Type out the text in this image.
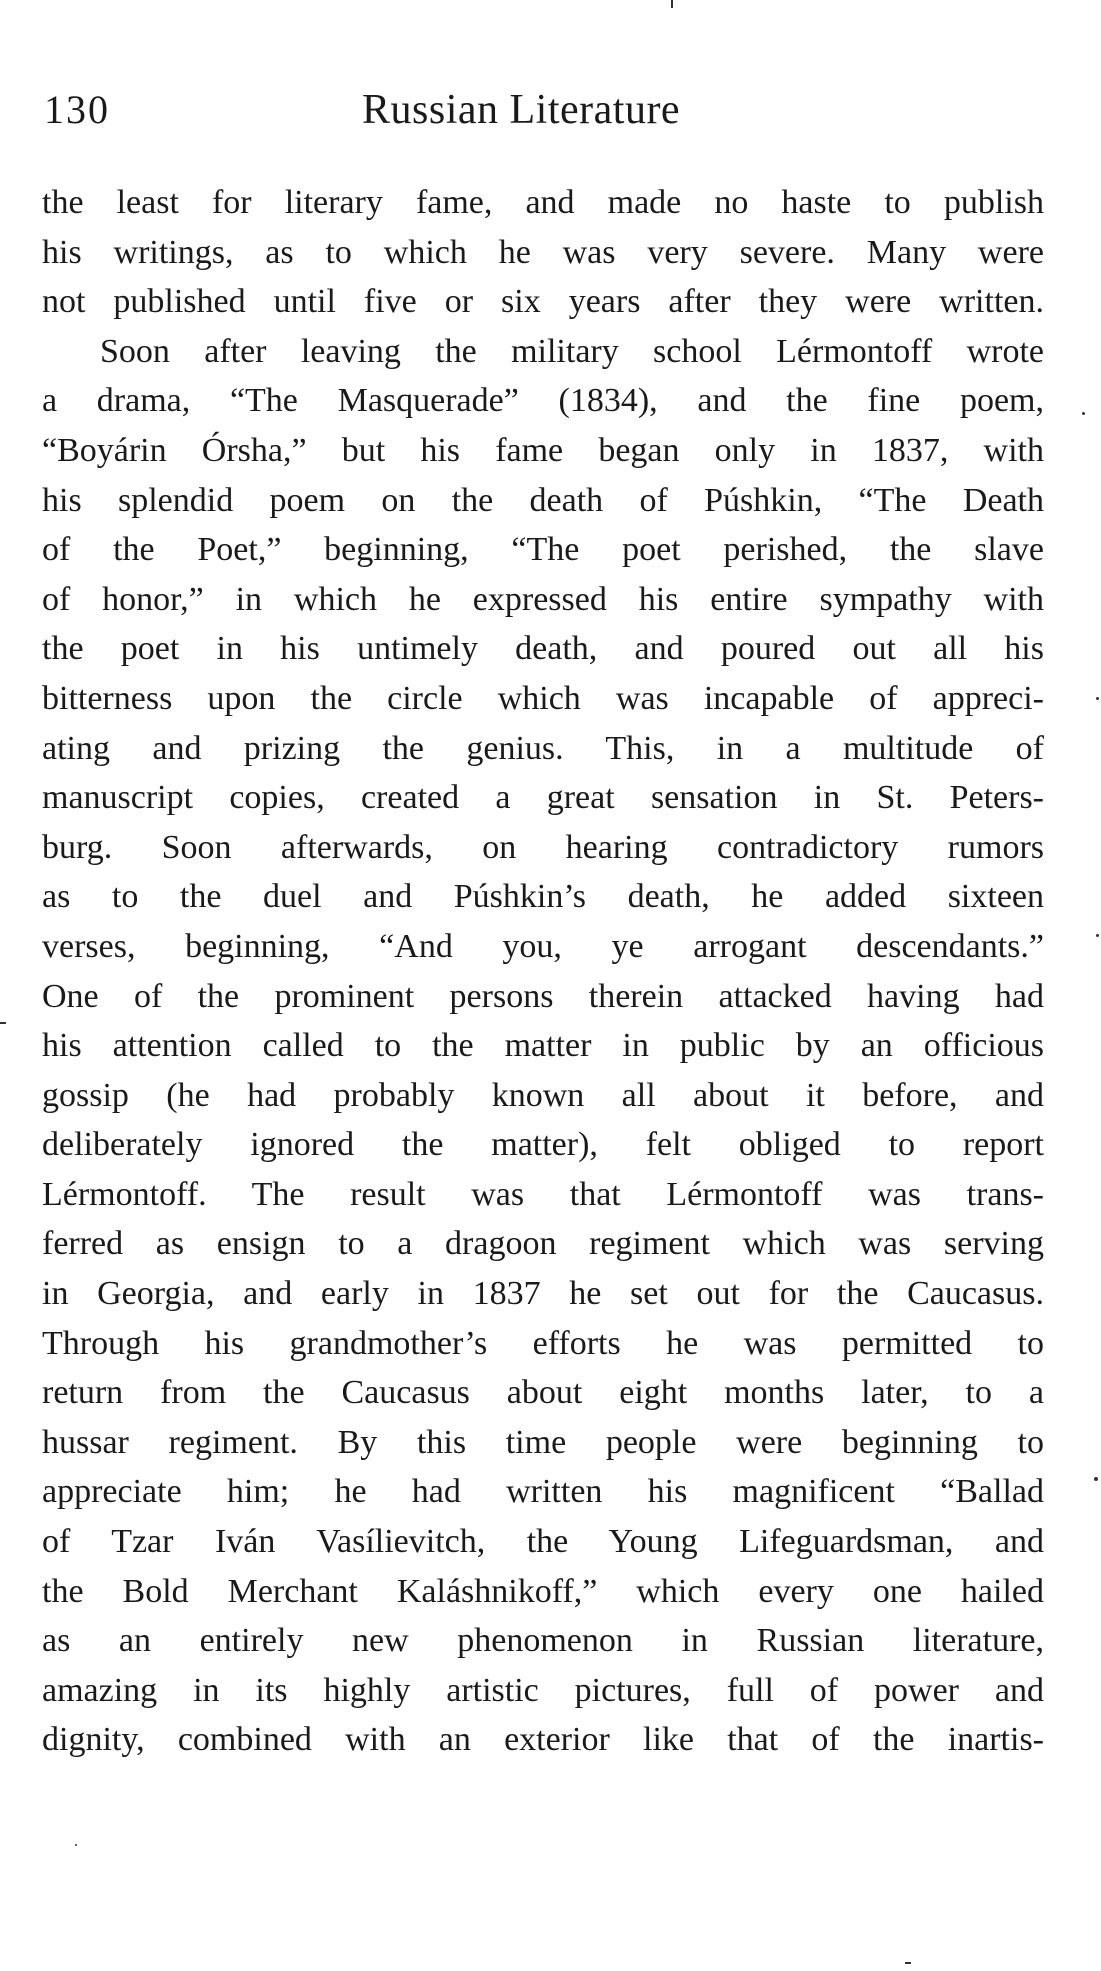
130	Russian Literature
the least for literary fame, and made no haste to publish
his writings, as to which he was very severe. Many were
not published until five or six years after they were written.
Soon after leaving the military school Lérmontoff wrote
a drama, “The Masquerade” (1834), and the fine poem,
“Boyárin Órsha,” but his fame began only in 1837, with
his splendid poem on the death of Púshkin, “The Death
of the Poet,” beginning, “The poet perished, the slave
of honor,” in which he expressed his entire sympathy with
the poet in his untimely death, and poured out all his
bitterness upon the circle which was incapable of appreci-
ating and prizing the genius. This, in a multitude of
manuscript copies, created a great sensation in St. Peters-
burg. Soon afterwards, on hearing contradictory rumors
as to the duel and Púshkin’s death, he added sixteen
verses, beginning, “And you, ye arrogant descendants.”
One of the prominent persons therein attacked having had
his attention called to the matter in public by an officious
gossip (he had probably known all about it before, and
deliberately ignored the matter), felt obliged to report
Lérmontoff. The result was that Lérmontoff was trans-
ferred as ensign to a dragoon regiment which was serving
in Georgia, and early in 1837 he set out for the Caucasus.
Through his grandmother’s efforts he was permitted to
return from the Caucasus about eight months later, to a
hussar regiment. By this time people were beginning to
appreciate him; he had written his magnificent “Ballad
of Tzar Iván Vasílievitch, the Young Lifeguardsman, and
the Bold Merchant Kaláshnikoff,” which every one hailed
as an entirely new phenomenon in Russian literature,
amazing in its highly artistic pictures, full of power and
dignity, combined with an exterior like that of the inartis-
